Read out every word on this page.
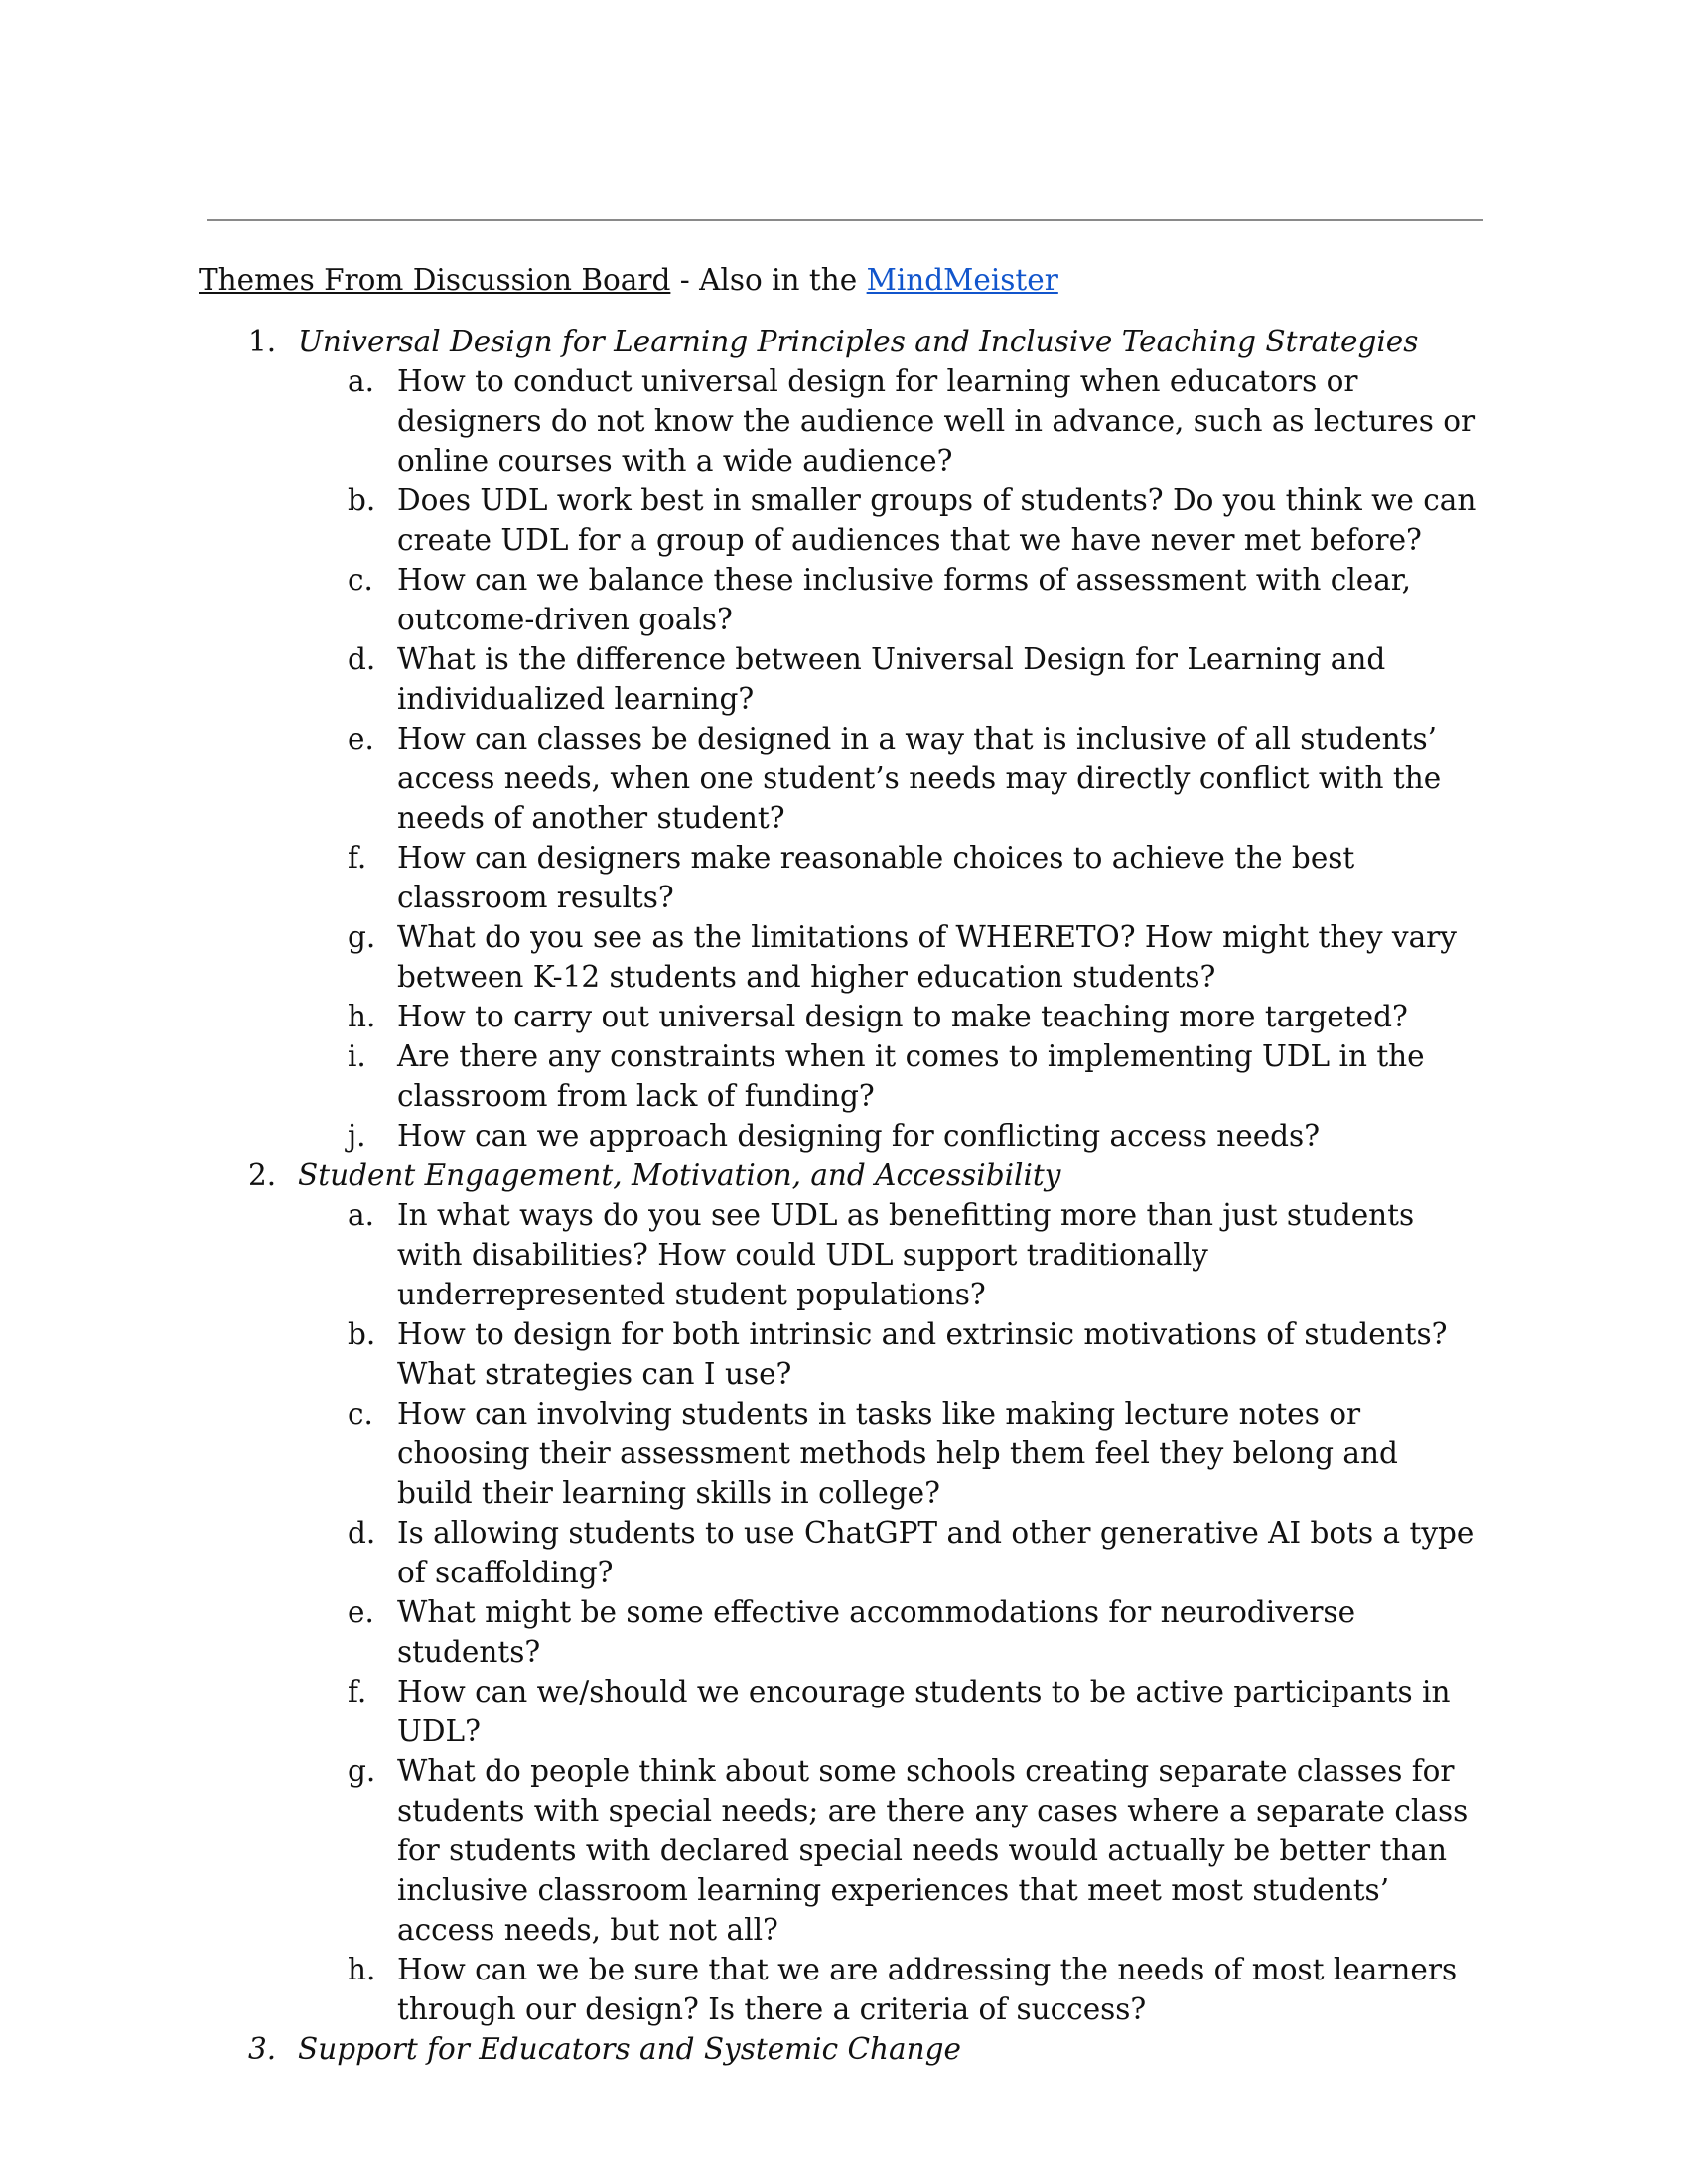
Themes From Discussion Board - Also in the MindMeister
1. Universal Design for Learning Principles and Inclusive Teaching Strategies
a. How to conduct universal design for learning when educators or designers do not know the audience well in advance, such as lectures or online courses with a wide audience?
b. Does UDL work best in smaller groups of students? Do you think we can create UDL for a group of audiences that we have never met before?
c. How can we balance these inclusive forms of assessment with clear, outcome-driven goals?
d. What is the difference between Universal Design for Learning and individualized learning?
e. How can classes be designed in a way that is inclusive of all students’ access needs, when one student’s needs may directly conflict with the needs of another student?
f.	How can designers make reasonable choices to achieve the best classroom results?
g. What do you see as the limitations of WHERETO? How might they vary between K-12 students and higher education students?
h. How to carry out universal design to make teaching more targeted?
i.	Are there any constraints when it comes to implementing UDL in the classroom from lack of funding?
j.	How can we approach designing for conflicting access needs?
2. Student Engagement, Motivation, and Accessibility
a. In what ways do you see UDL as benefitting more than just students with disabilities? How could UDL support traditionally underrepresented student populations?
b. How to design for both intrinsic and extrinsic motivations of students? What strategies can I use?
c. How can involving students in tasks like making lecture notes or choosing their assessment methods help them feel they belong and build their learning skills in college?
d. Is allowing students to use ChatGPT and other generative AI bots a type of scaffolding?
e. What might be some effective accommodations for neurodiverse students?
f.	How can we/should we encourage students to be active participants in UDL?
g. What do people think about some schools creating separate classes for students with special needs; are there any cases where a separate class for students with declared special needs would actually be better than inclusive classroom learning experiences that meet most students’ access needs, but not all?
h. How can we be sure that we are addressing the needs of most learners through our design? Is there a criteria of success?
3. Support for Educators and Systemic Change
